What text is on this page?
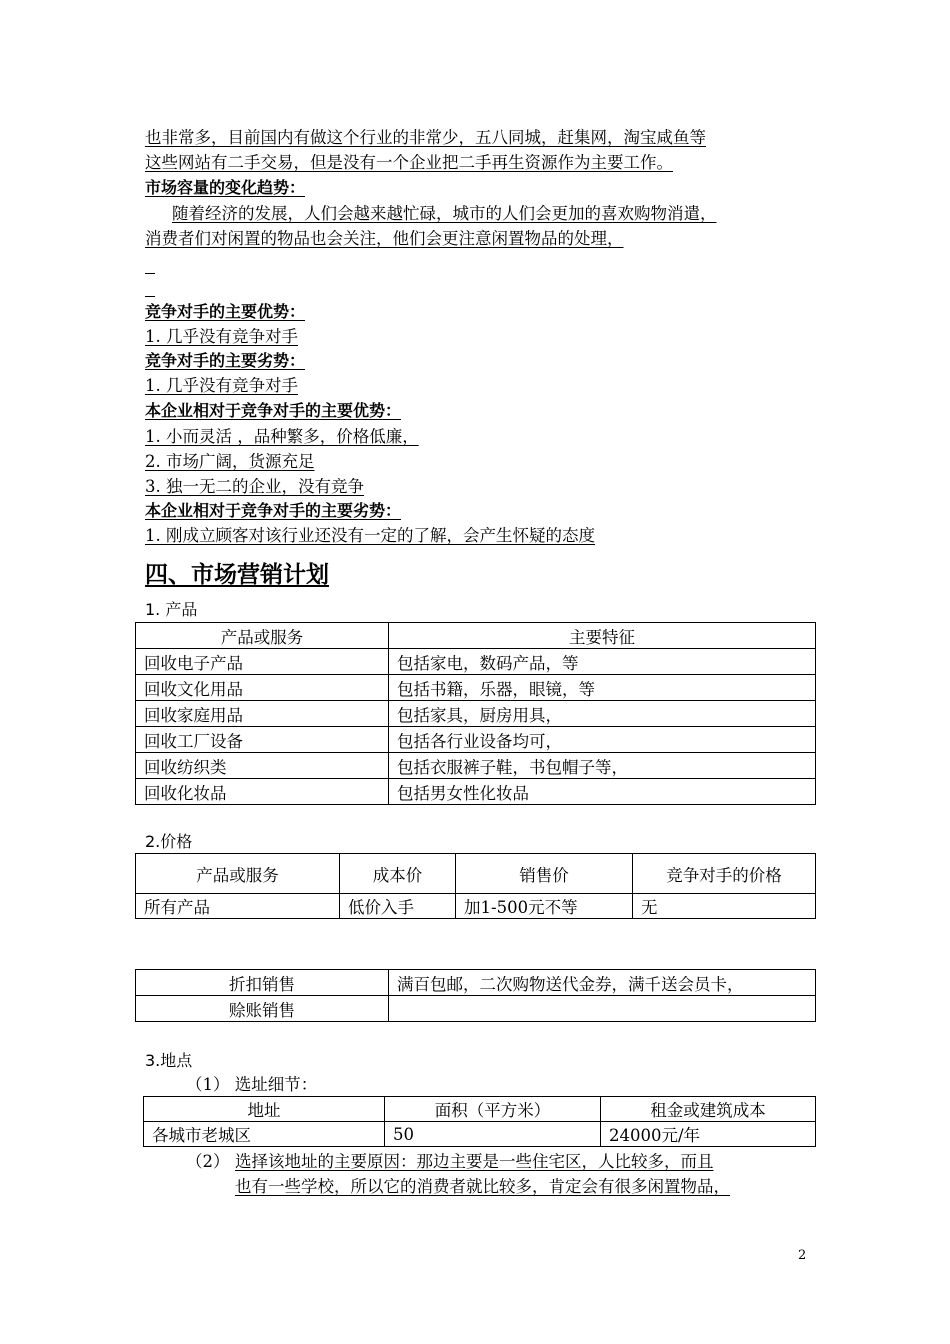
也非常多，目前国内有做这个行业的非常少，五八同城，赶集网，淘宝咸鱼等
这些网站有二手交易，但是没有一个企业把二手再生资源作为主要工作。
市场容量的变化趋势：
随着经济的发展，人们会越来越忙碌，城市的人们会更加的喜欢购物消遣，
消费者们对闲置的物品也会关注，他们会更注意闲置物品的处理，
竞争对手的主要优势：
1. 几乎没有竞争对手
竞争对手的主要劣势：
1. 几乎没有竞争对手
本企业相对于竞争对手的主要优势：
1. 小而灵活 ，品种繁多，价格低廉，
2. 市场广阔，货源充足
3. 独一无二的企业，没有竞争
本企业相对于竞争对手的主要劣势：
1. 刚成立顾客对该行业还没有一定的了解，会产生怀疑的态度
四、市场营销计划
1. 产品
产品或服务	主要特征
回收电子产品	包括家电，数码产品，等
回收文化用品	包括书籍，乐器，眼镜，等
回收家庭用品	包括家具，厨房用具，
回收工厂设备	包括各行业设备均可，
回收纺织类	包括衣服裤子鞋，书包帽子等，
回收化妆品	包括男女性化妆品
2.价格
产品或服务	成本价	销售价	竞争对手的价格
所有产品	低价入手	加1-500元不等	无
折扣销售	满百包邮，二次购物送代金券，满千送会员卡，
赊账销售	
3.地点
（1） 选址细节：
地址	面积（平方米）	租金或建筑成本
各城市老城区	50	24000元/年
（2） 选择该地址的主要原因：那边主要是一些住宅区，人比较多，而且
也有一些学校，所以它的消费者就比较多，肯定会有很多闲置物品，
2
